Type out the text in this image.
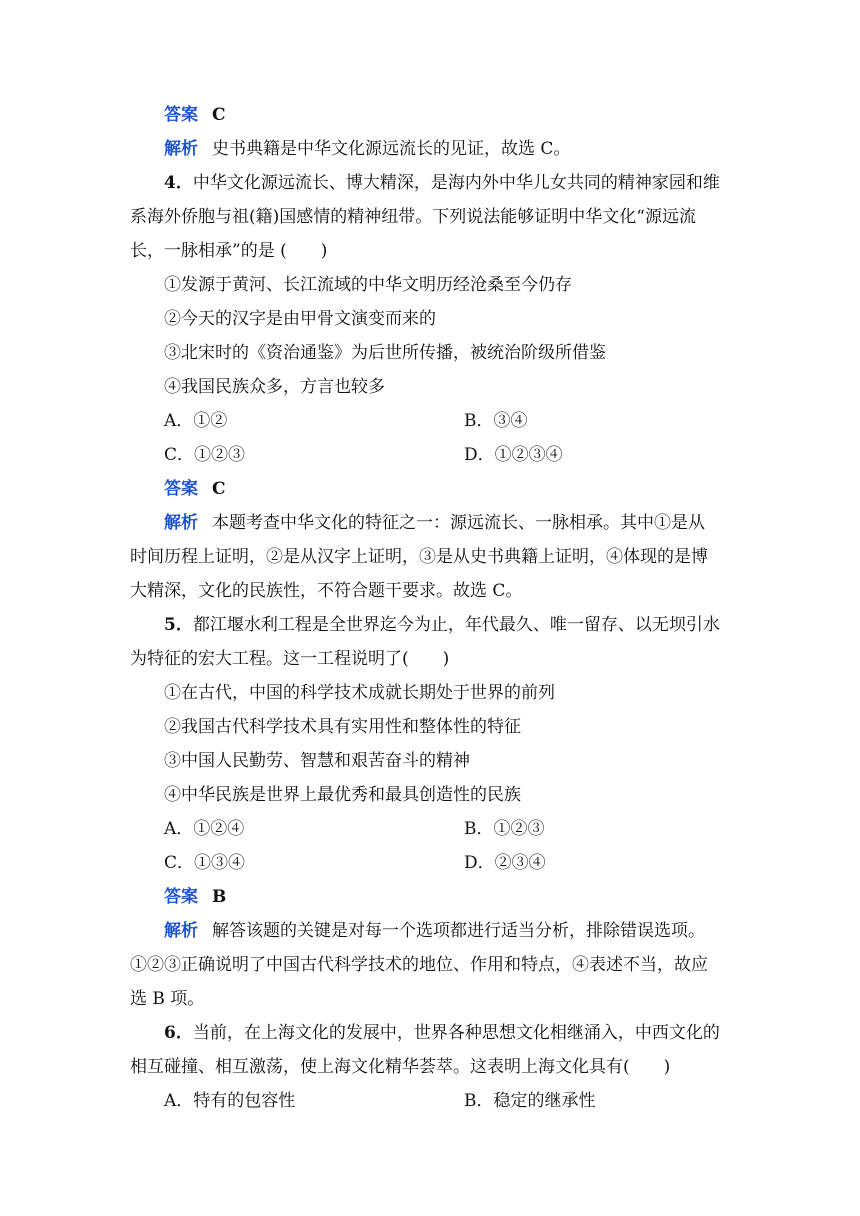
答案 C
解析 史书典籍是中华文化源远流长的见证，故选 C。
4．中华文化源远流长、博大精深，是海内外中华儿女共同的精神家园和维
系海外侨胞与祖(籍)国感情的精神纽带。下列说法能够证明中华文化“源远流
长，一脉相承”的是 (　　)
①发源于黄河、长江流域的中华文明历经沧桑至今仍存
②今天的汉字是由甲骨文演变而来的
③北宋时的《资治通鉴》为后世所传播，被统治阶级所借鉴
④我国民族众多，方言也较多
A．①②	B．③④
C．①②③	D．①②③④
答案 C
解析 本题考查中华文化的特征之一：源远流长、一脉相承。其中①是从
时间历程上证明，②是从汉字上证明，③是从史书典籍上证明，④体现的是博
大精深，文化的民族性，不符合题干要求。故选 C。
5．都江堰水利工程是全世界迄今为止，年代最久、唯一留存、以无坝引水
为特征的宏大工程。这一工程说明了(　　)
①在古代，中国的科学技术成就长期处于世界的前列
②我国古代科学技术具有实用性和整体性的特征
③中国人民勤劳、智慧和艰苦奋斗的精神
④中华民族是世界上最优秀和最具创造性的民族
A．①②④	B．①②③
C．①③④	D．②③④
答案 B
解析 解答该题的关键是对每一个选项都进行适当分析，排除错误选项。
①②③正确说明了中国古代科学技术的地位、作用和特点，④表述不当，故应
选 B 项。
6．当前，在上海文化的发展中，世界各种思想文化相继涌入，中西文化的
相互碰撞、相互激荡，使上海文化精华荟萃。这表明上海文化具有(　　)
A．特有的包容性	B．稳定的继承性
